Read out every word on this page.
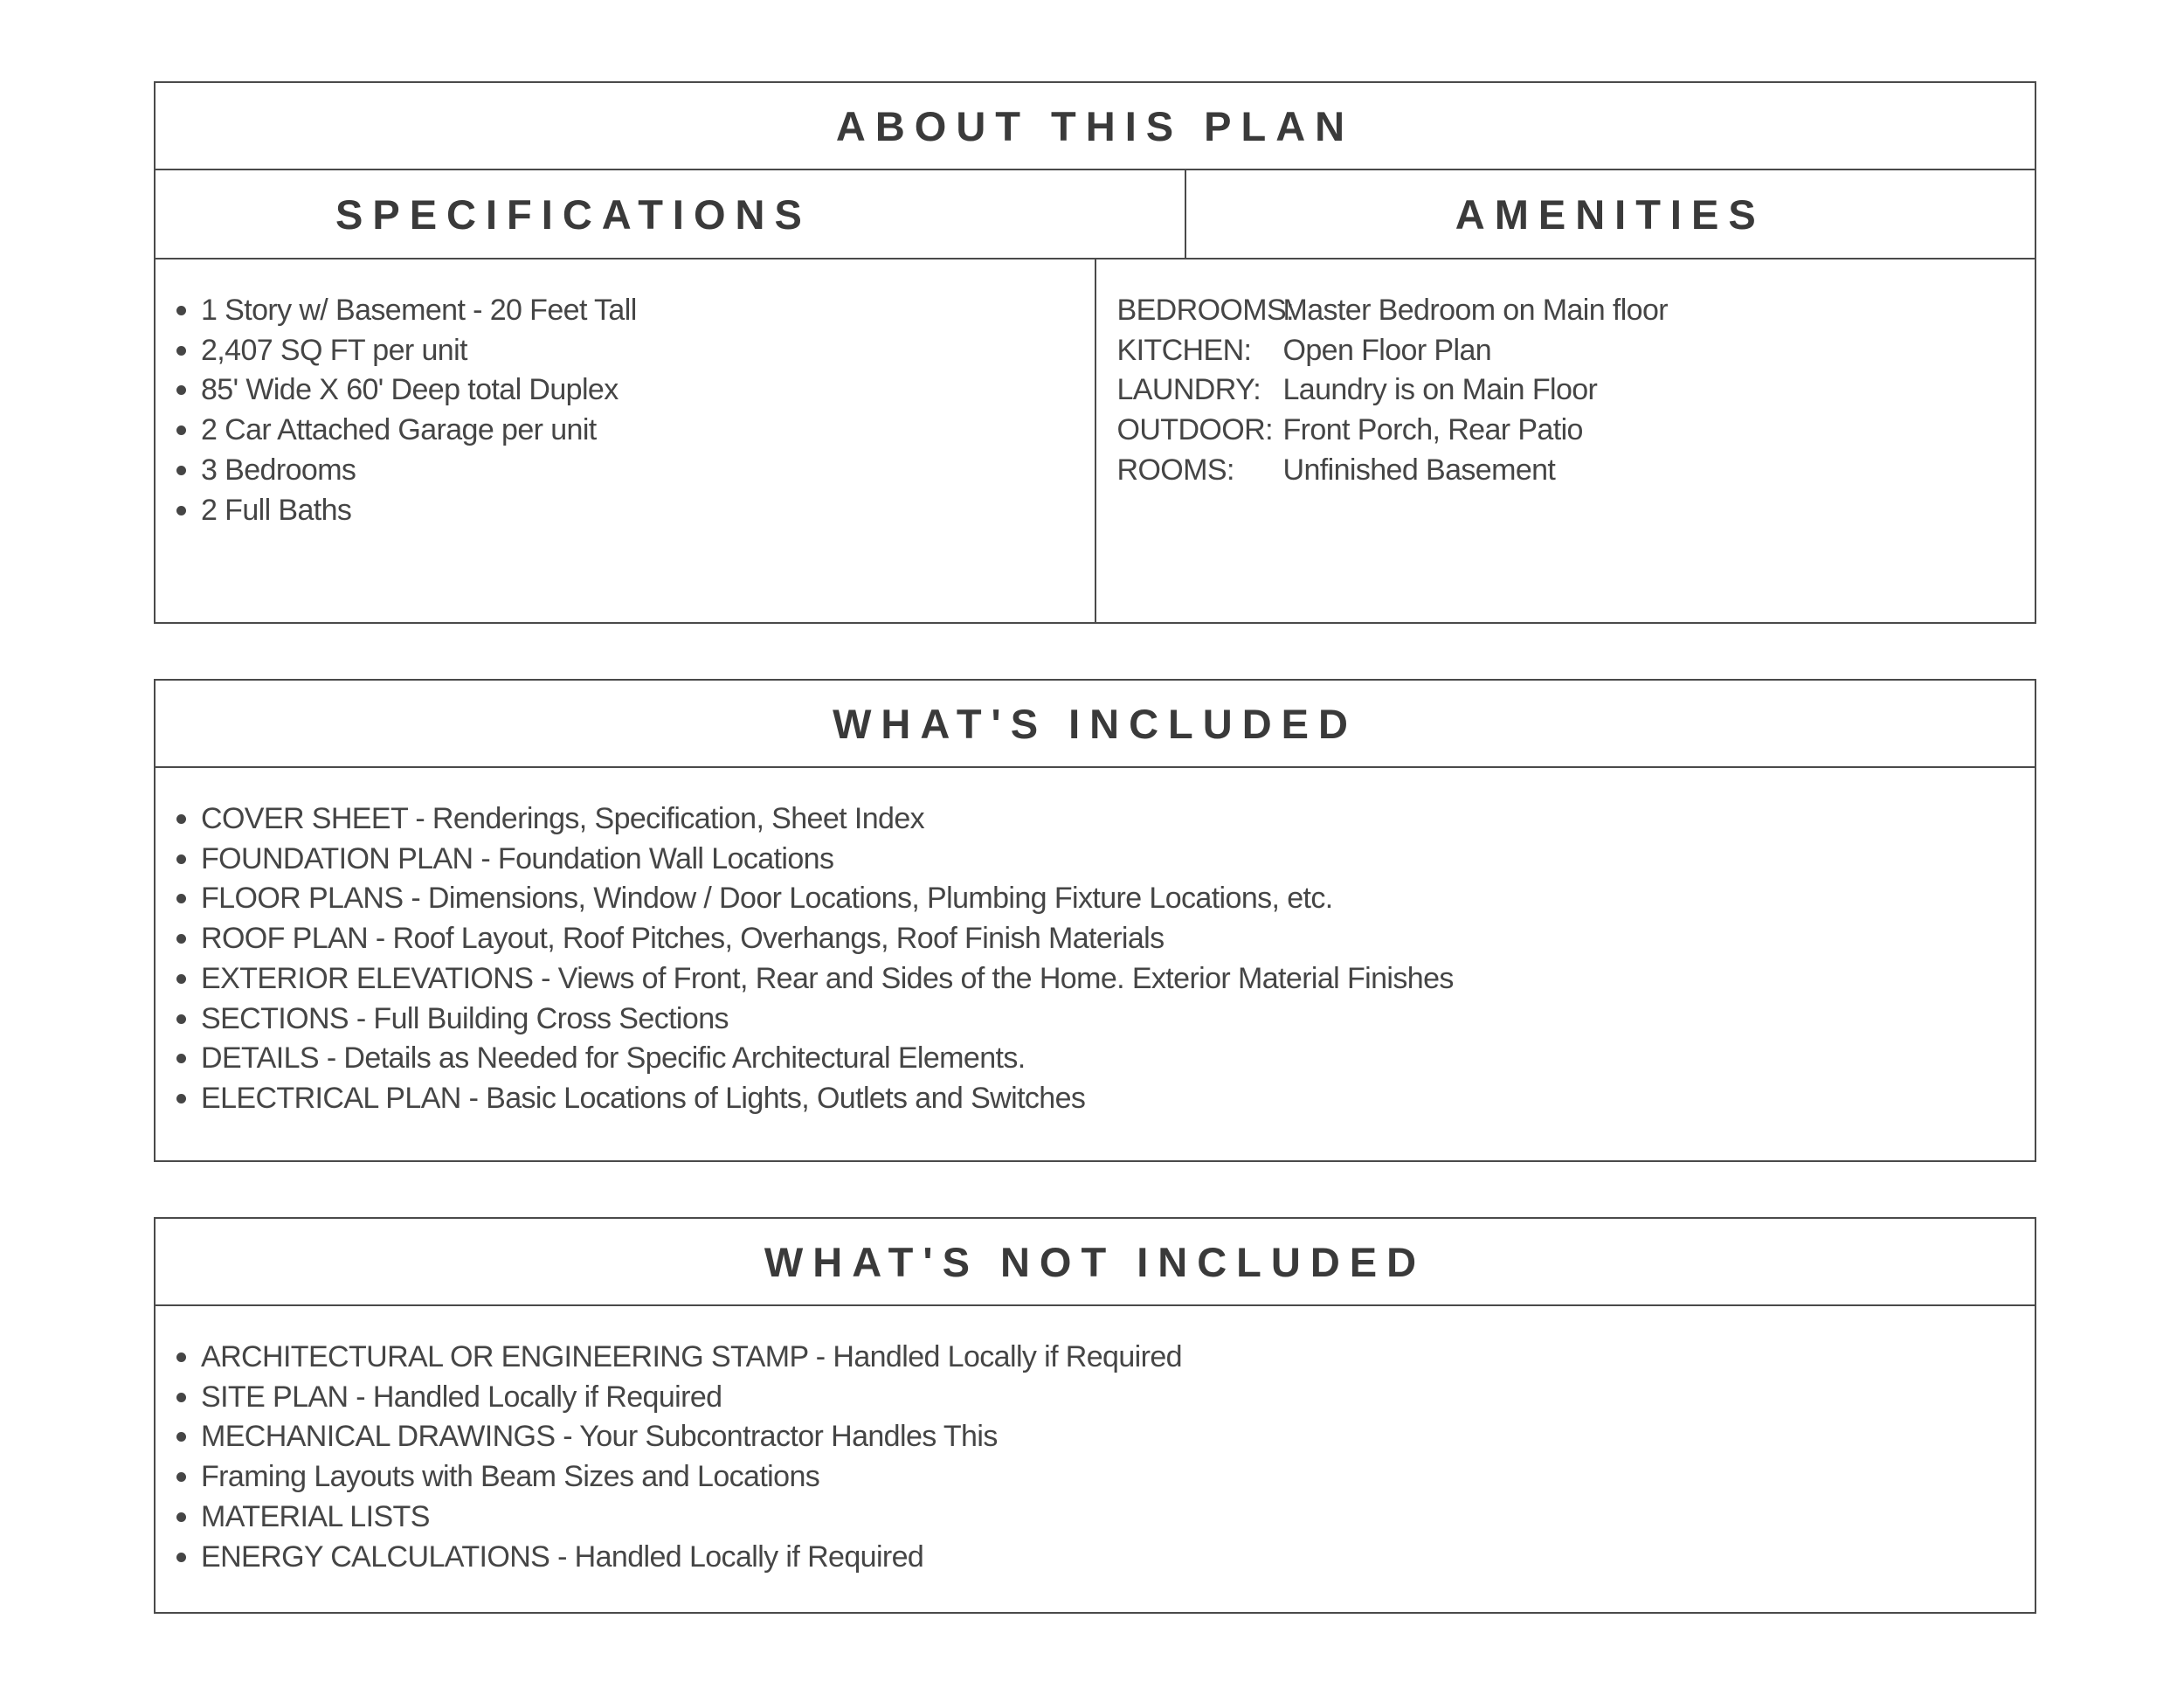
ABOUT THIS PLAN
SPECIFICATIONS	AMENITIES
1 Story w/ Basement - 20 Feet Tall
2,407 SQ FT per unit
85' Wide X 60' Deep total Duplex
2 Car Attached Garage per unit
3 Bedrooms
2 Full Baths
BEDROOMS:
Master Bedroom on Main floor
KITCHEN:	Open Floor Plan
LAUNDRY: Laundry is on Main Floor
OUTDOOR: Front Porch, Rear Patio
ROOMS:	Unfinished Basement
WHAT'S INCLUDED
COVER SHEET - Renderings, Specification, Sheet Index
FOUNDATION PLAN - Foundation Wall Locations
FLOOR PLANS - Dimensions, Window / Door Locations, Plumbing Fixture Locations, etc.
ROOF PLAN - Roof Layout, Roof Pitches, Overhangs, Roof Finish Materials
EXTERIOR ELEVATIONS - Views of Front, Rear and Sides of the Home. Exterior Material Finishes
SECTIONS - Full Building Cross Sections
DETAILS - Details as Needed for Specific Architectural Elements.
ELECTRICAL PLAN - Basic Locations of Lights, Outlets and Switches
WHAT'S NOT INCLUDED
ARCHITECTURAL OR ENGINEERING STAMP - Handled Locally if Required
SITE PLAN - Handled Locally if Required
MECHANICAL DRAWINGS - Your Subcontractor Handles This
Framing Layouts with Beam Sizes and Locations
MATERIAL LISTS
ENERGY CALCULATIONS - Handled Locally if Required
